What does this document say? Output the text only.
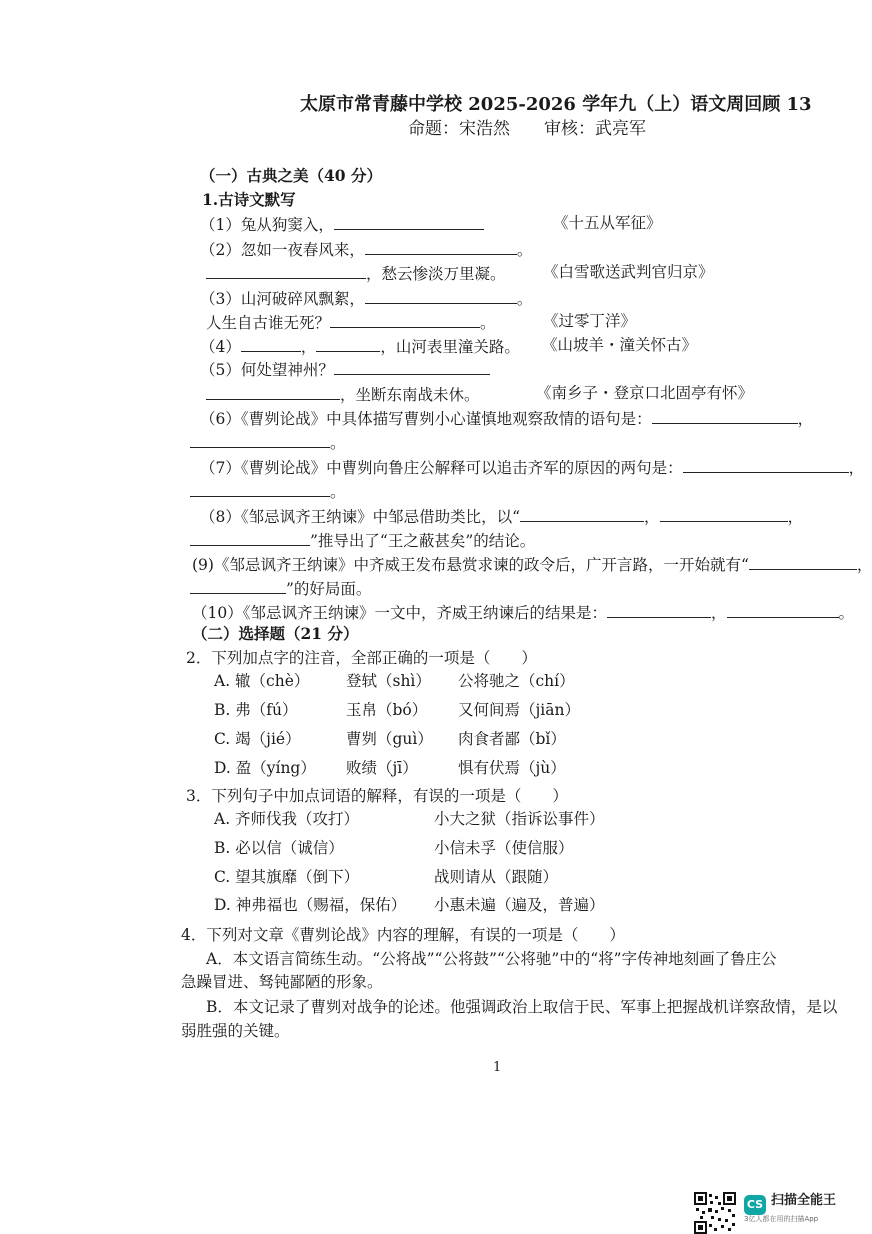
太原市常青藤中学校 2025-2026 学年九（上）语文周回顾 13
命题：宋浩然　　审核：武亮军
（一）古典之美（40 分）
1.古诗文默写
（1）兔从狗窦入，	《十五从军征》
（2）忽如一夜春风来，	。
，愁云惨淡万里凝。 《白雪歌送武判官归京》
（3）山河破碎风飘絮，	。
人生自古谁无死？	。	《过零丁洋》
（4）	，	，山河表里潼关路。 《山坡羊・潼关怀古》
（5）何处望神州？
，坐断东南战未休。	《南乡子・登京口北固亭有怀》
（6）《曹刿论战》中具体描写曹刿小心谨慎地观察敌情的语句是：	，
。
（7）《曹刿论战》中曹刿向鲁庄公解释可以追击齐军的原因的两句是：	，
。
（8）《邹忌讽齐王纳谏》中邹忌借助类比，以“	，	，
”推导出了“王之蔽甚矣”的结论。
(9)《邹忌讽齐王纳谏》中齐威王发布悬赏求谏的政令后，广开言路，一开始就有“	，
”的好局面。
（10）《邹忌讽齐王纳谏》一文中，齐威王纳谏后的结果是：	，	。
（二）选择题（21 分）
2．下列加点字的注音，全部正确的一项是（　　）
A. 辙（chè） 登轼（shì） 公将驰之（chí）
B. 弗（fú）	玉帛（bó） 又何间焉（jiān）
C. 竭（jié）	曹刿（guì） 肉食者鄙（bǐ）
D. 盈（yíng） 败绩（jī）	惧有伏焉（jù）
3．下列句子中加点词语的解释，有误的一项是（　　）
A. 齐师伐我（攻打）	小大之狱（指诉讼事件）
B. 必以信（诚信）	小信未孚（使信服）
C. 望其旗靡（倒下）	战则请从（跟随）
D. 神弗福也（赐福，保佑） 小惠未遍（遍及，普遍）
4．下列对文章《曹刿论战》内容的理解，有误的一项是（　　）
A．本文语言简练生动。“公将战”“公将鼓”“公将驰”中的“将”字传神地刻画了鲁庄公
急躁冒进、驽钝鄙陋的形象。
B．本文记录了曹刿对战争的论述。他强调政治上取信于民、军事上把握战机详察敌情，是以
弱胜强的关键。
1
CS 扫描全能王
3亿人都在用的扫描App
